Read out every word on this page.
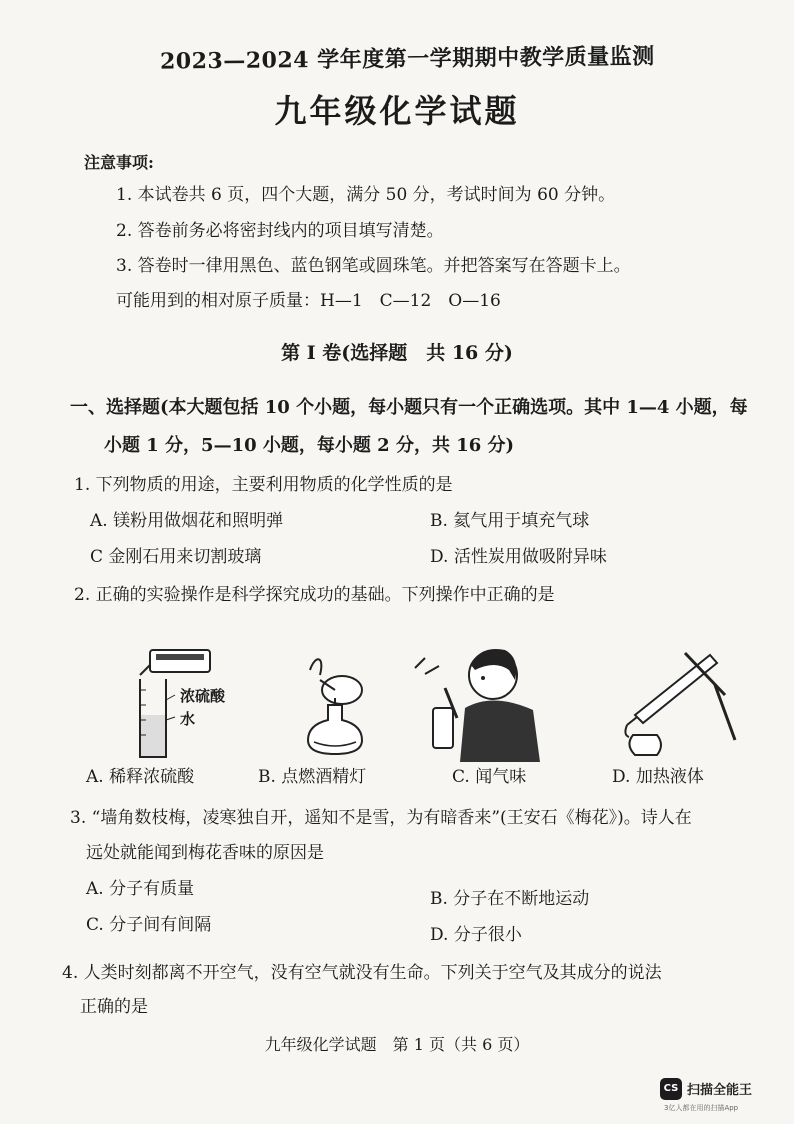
2023—2024 学年度第一学期期中教学质量监测
九年级化学试题
注意事项:
1. 本试卷共 6 页，四个大题，满分 50 分，考试时间为 60 分钟。
2. 答卷前务必将密封线内的项目填写清楚。
3. 答卷时一律用黑色、蓝色钢笔或圆珠笔。并把答案写在答题卡上。
可能用到的相对原子质量：H—1　C—12　O—16
第 I 卷(选择题　共 16 分)
一、选择题(本大题包括 10 个小题，每小题只有一个正确选项。其中 1—4 小题，每
小题 1 分，5—10 小题，每小题 2 分，共 16 分)
1. 下列物质的用途，主要利用物质的化学性质的是
A. 镁粉用做烟花和照明弹	B. 氦气用于填充气球
C 金刚石用来切割玻璃	D. 活性炭用做吸附异味
2. 正确的实验操作是科学探究成功的基础。下列操作中正确的是
浓硫酸
水
A. 稀释浓硫酸	B. 点燃酒精灯	C. 闻气味	D. 加热液体
3. “墙角数枝梅，凌寒独自开，遥知不是雪，为有暗香来”(王安石《梅花》)。诗人在
远处就能闻到梅花香味的原因是
A. 分子有质量	B. 分子在不断地运动
C. 分子间有间隔	D. 分子很小
4. 人类时刻都离不开空气，没有空气就没有生命。下列关于空气及其成分的说法
正确的是
九年级化学试题　第 1 页（共 6 页）
CS 扫描全能王
3亿人都在用的扫描App
